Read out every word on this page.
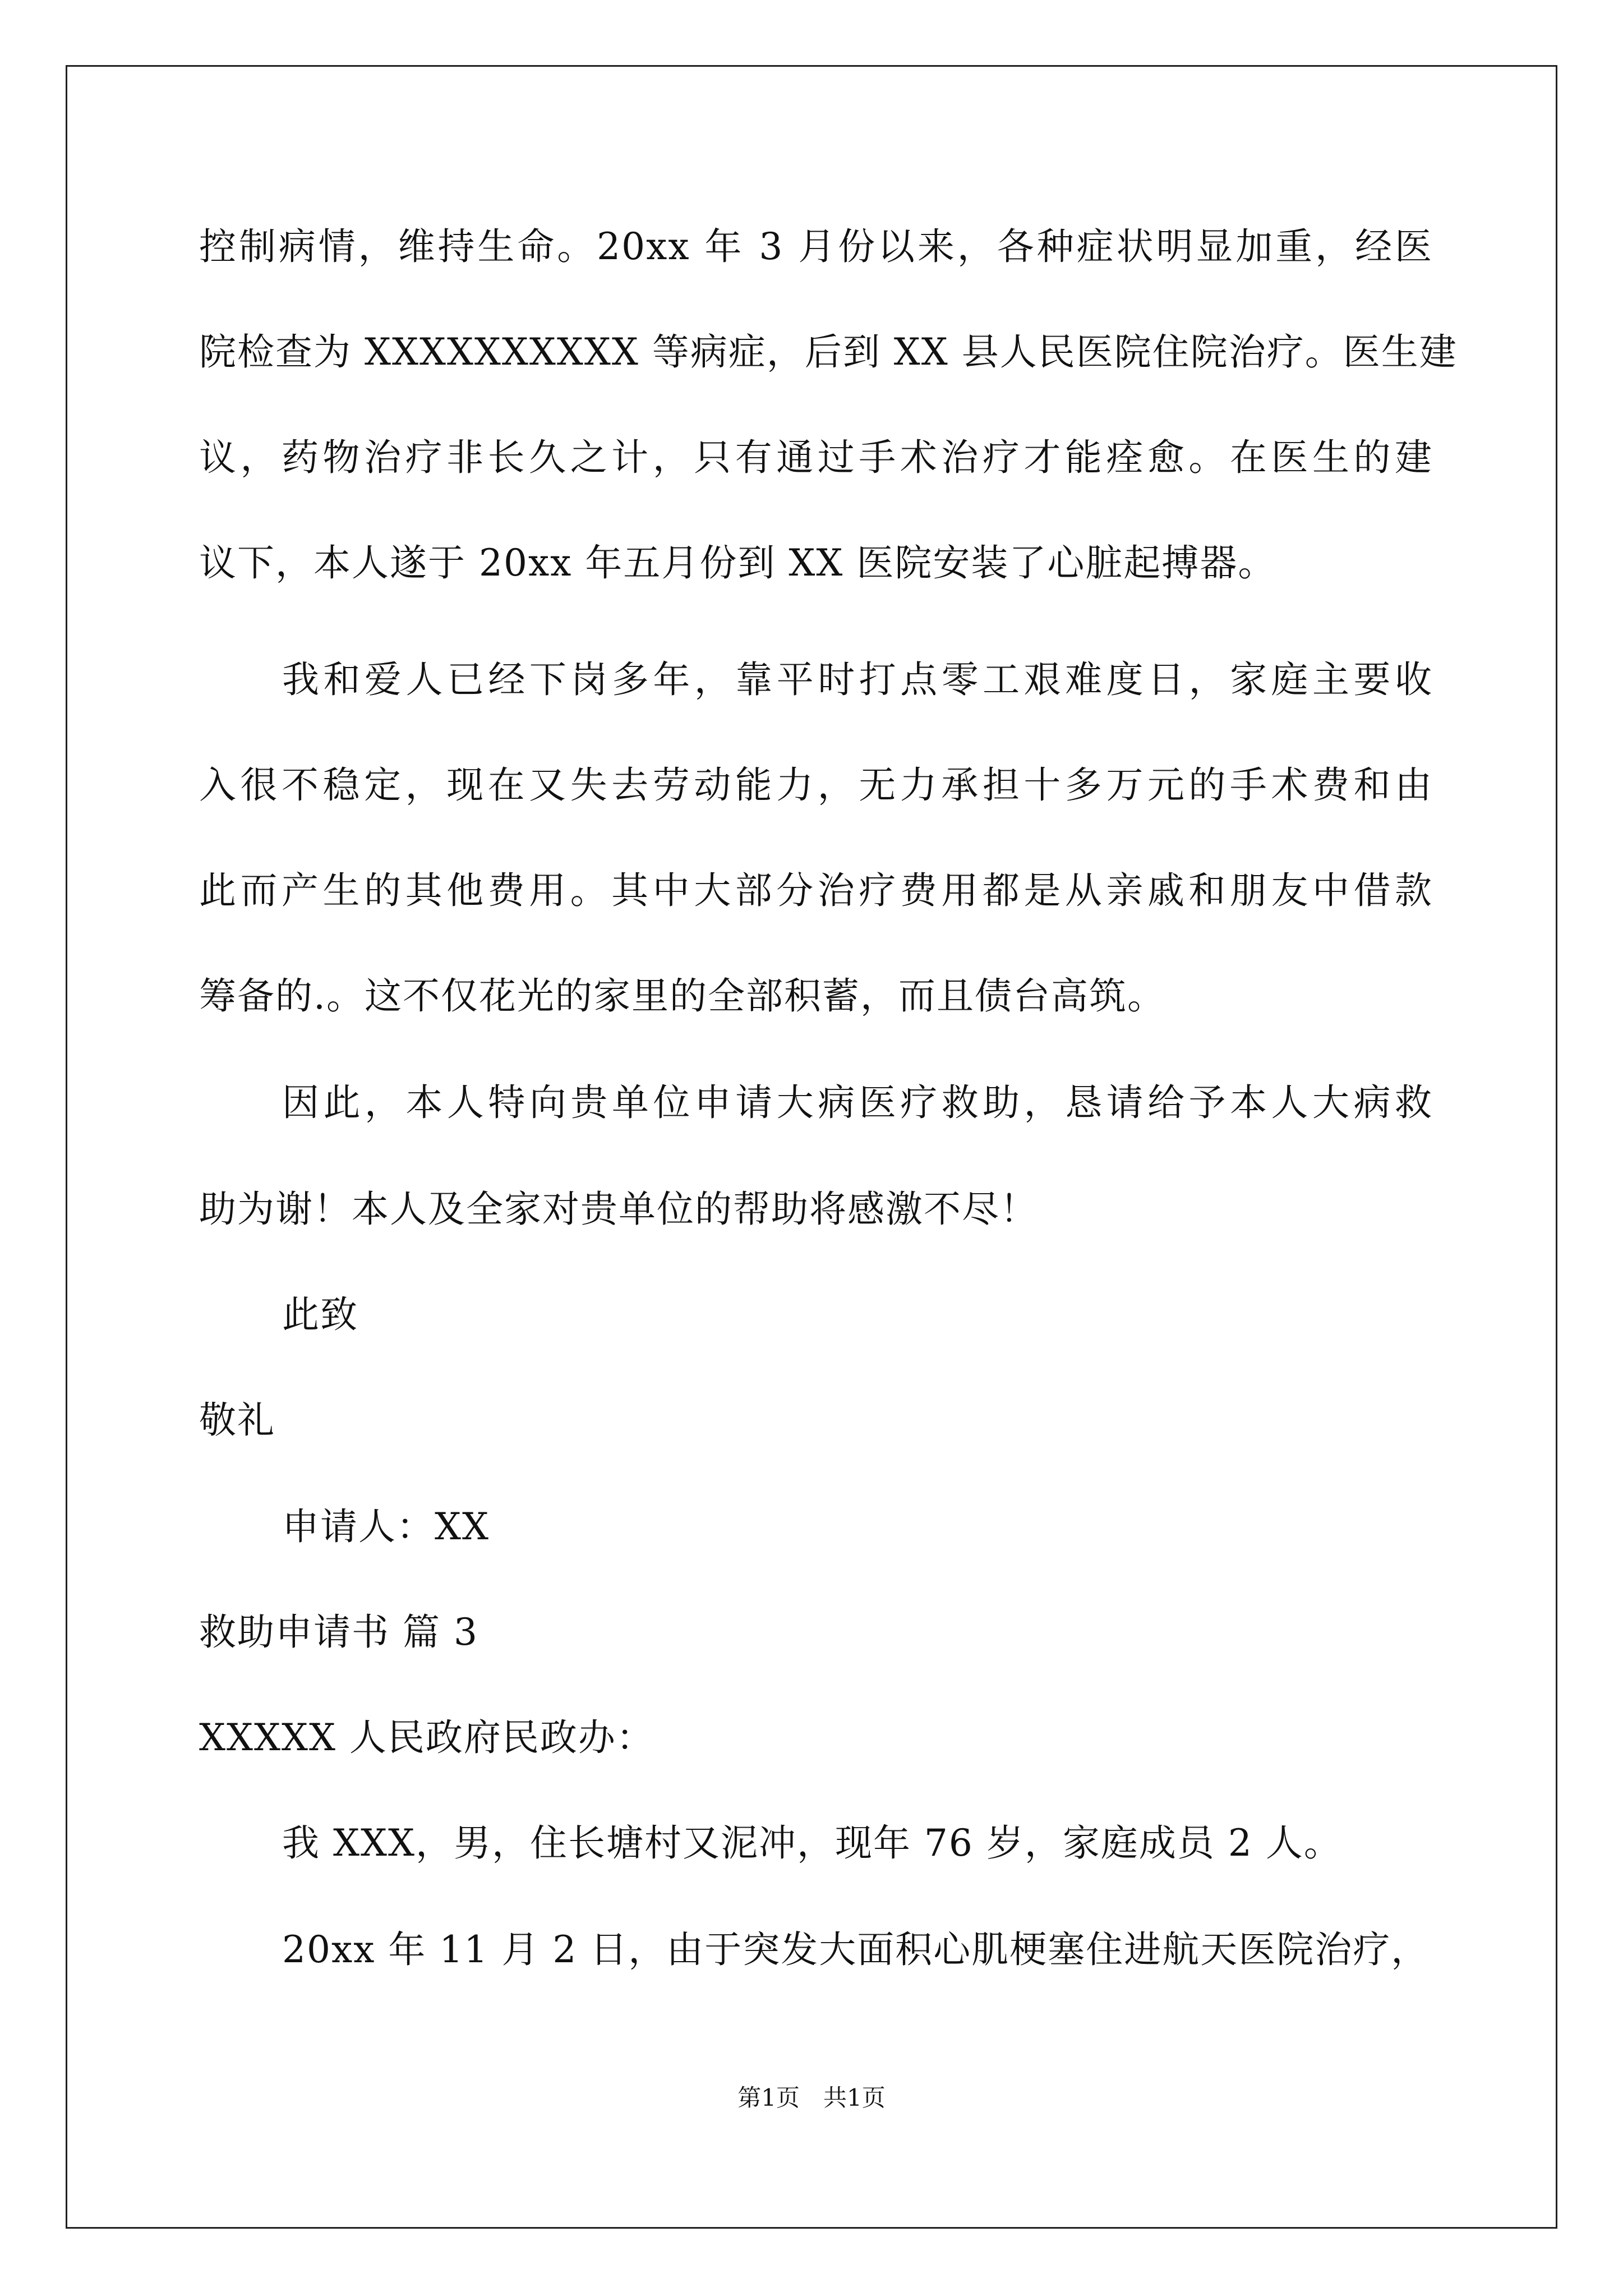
控制病情，维持生命。20xx 年 3 月份以来，各种症状明显加重，经医
院检查为 XXXXXXXXXX 等病症，后到 XX 县人民医院住院治疗。医生建
议，药物治疗非长久之计，只有通过手术治疗才能痊愈。在医生的建
议下，本人遂于 20xx 年五月份到 XX 医院安装了心脏起搏器。
我和爱人已经下岗多年，靠平时打点零工艰难度日，家庭主要收
入很不稳定，现在又失去劳动能力，无力承担十多万元的手术费和由
此而产生的其他费用。其中大部分治疗费用都是从亲戚和朋友中借款
筹备的.。这不仅花光的家里的全部积蓄，而且债台高筑。
因此，本人特向贵单位申请大病医疗救助，恳请给予本人大病救
助为谢！本人及全家对贵单位的帮助将感激不尽！
此致
敬礼
申请人：XX
救助申请书 篇 3
XXXXX 人民政府民政办：
我 XXX，男，住长塘村又泥冲，现年 76 岁，家庭成员 2 人。
20xx 年 11 月 2 日，由于突发大面积心肌梗塞住进航天医院治疗，
第1页　共1页
